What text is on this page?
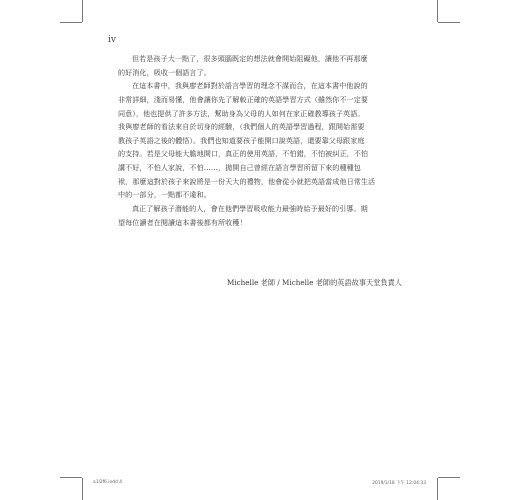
iv

但若是孩子大一點了，很多頭腦既定的想法就會開始阻礙他，讓他不再那麼
的好消化，吸收一個語言了。

在這本書中，我與廖老師對於語言學習的理念不謀而合，在這本書中他說的
非常詳細，淺而易懂，他會讓你先了解較正確的英語學習方式（雖然你不一定要
同意），他也提供了許多方法，幫助身為父母的人如何在家正確教導孩子英語。
我與廖老師的看法來自於切身的經驗，（我們個人的英語學習過程，跟開始需要
教孩子英語之後的體悟）。我們也知道要孩子能開口說英語，還要靠父母跟家庭
的支持。若是父母能大膽地開口，真正的使用英語，不怕錯，不怕被糾正，不怕
講不好，不怕人家說，不怕……，拋開自己曾經在語言學習所留下來的種種包
袱，那麼這對於孩子來說將是一份天大的禮物，他會從小就把英語當成他日常生活
中的一部分，一點都不違和。

真正了解孩子潛能的人，會在他們學習吸收能力最強時給予最好的引導。期
望每位讀者在閱讀這本書後都有所收穫！

Michelle 老師 / Michelle 老師的英語故事天堂負責人
a1l2f6.indd 4	2019/1/18 下午 12:04:33
